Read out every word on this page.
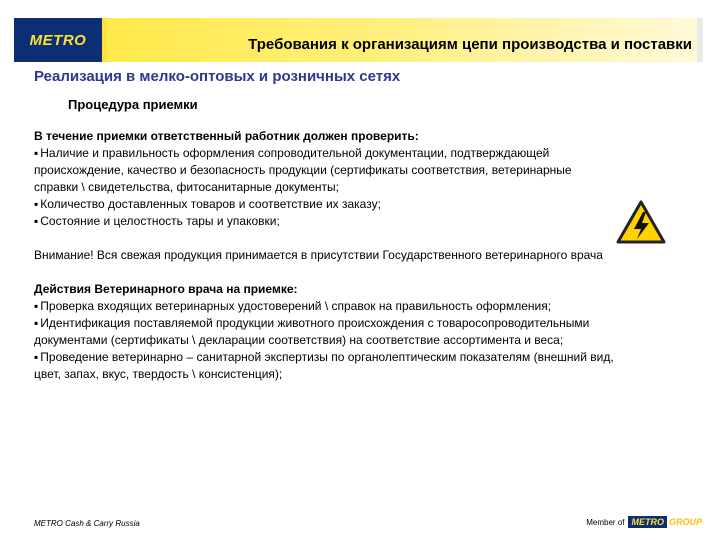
METRO	Требования к организациям цепи производства и поставки
Реализация в мелко-оптовых и розничных сетях
Процедура приемки

В течение приемки ответственный работник должен проверить:

▪ Наличие и правильность оформления сопроводительной документации, подтверждающей происхождение, качество и безопасность продукции (сертификаты соответствия, ветеринарные справки \ свидетельства, фитосанитарные документы;

▪ Количество доставленных товаров и соответствие их заказу;

▪ Состояние и целостность тары и упаковки;

Внимание! Вся свежая продукция принимается в присутствии Государственного ветеринарного врача

Действия Ветеринарного врача на приемке:

▪ Проверка входящих ветеринарных удостоверений \ справок на правильность оформления;

▪ Идентификация поставляемой продукции животного происхождения с товаросопроводительными документами (сертификаты \ декларации соответствия) на соответствие ассортимента и веса;

▪ Проведение ветеринарно – санитарной экспертизы по органолептическим показателям (внешний вид, цвет, запах, вкус, твердость \ консистенция);

METRO Cash & Carry Russia	Member of METRO GROUP
